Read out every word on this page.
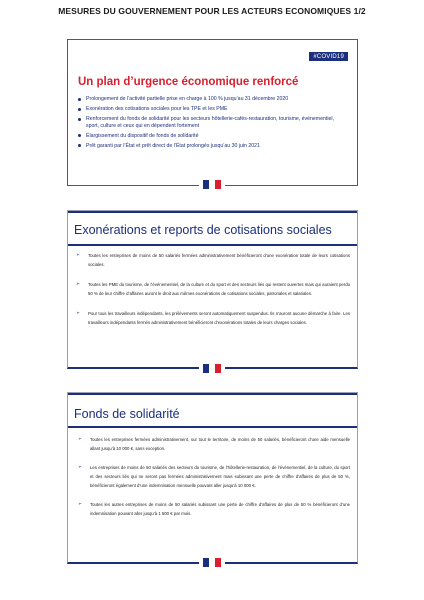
MESURES DU GOUVERNEMENT POUR LES ACTEURS ECONOMIQUES 1/2
#COVID19
Un plan d’urgence économique renforcé
Prolongement de l’activité partielle prise en charge à 100 % jusqu’au 31 décembre 2020
Exonération des cotisations sociales pour les TPE et les PME
Renforcement du fonds de solidarité pour les secteurs hôtellerie-cafés-restauration, tourisme, événementiel, sport, culture et ceux qui en dépendent fortement
Élargissement du dispositif de fonds de solidarité
Prêt garanti par l’État et prêt direct de l’État prolongés jusqu’au 30 juin 2021
Exonérations et reports de cotisations sociales
➢ Toutes les entreprises de moins de 50 salariés fermées administrativement bénéficieront d’une exonération totale de leurs cotisations sociales.
➢ Toutes les PME du tourisme, de l’événementiel, de la culture et du sport et des secteurs liés qui restent ouvertes mais qui auraient perdu 50 % de leur chiffre d’affaires auront le droit aux mêmes exonérations de cotisations sociales, patronales et salariales.
➢ Pour tous les travailleurs indépendants, les prélèvements seront automatiquement suspendus. Ils n’auront aucune démarche à faire. Les travailleurs indépendants fermés administrativement bénéficieront d’exonérations totales de leurs charges sociales.
Fonds de solidarité
➢ Toutes les entreprises fermées administrativement, sur tout le territoire, de moins de 50 salariés, bénéficieront d’une aide mensuelle allant jusqu’à 10 000 €, sans exception.
➢ Les entreprises de moins de 50 salariés des secteurs du tourisme, de l’hôtellerie-restauration, de l’événementiel, de la culture, du sport et des secteurs liés qui ne seront pas fermées administrativement mais subissant une perte de chiffre d’affaires de plus de 50 %, bénéficieront également d’une indemnisation mensuelle pouvant aller jusqu’à 10 000 €.
➢ Toutes les autres entreprises de moins de 50 salariés subissant une perte de chiffre d’affaires de plus de 50 % bénéficieront d’une indemnisation pouvant aller jusqu’à 1 500 € par mois.
